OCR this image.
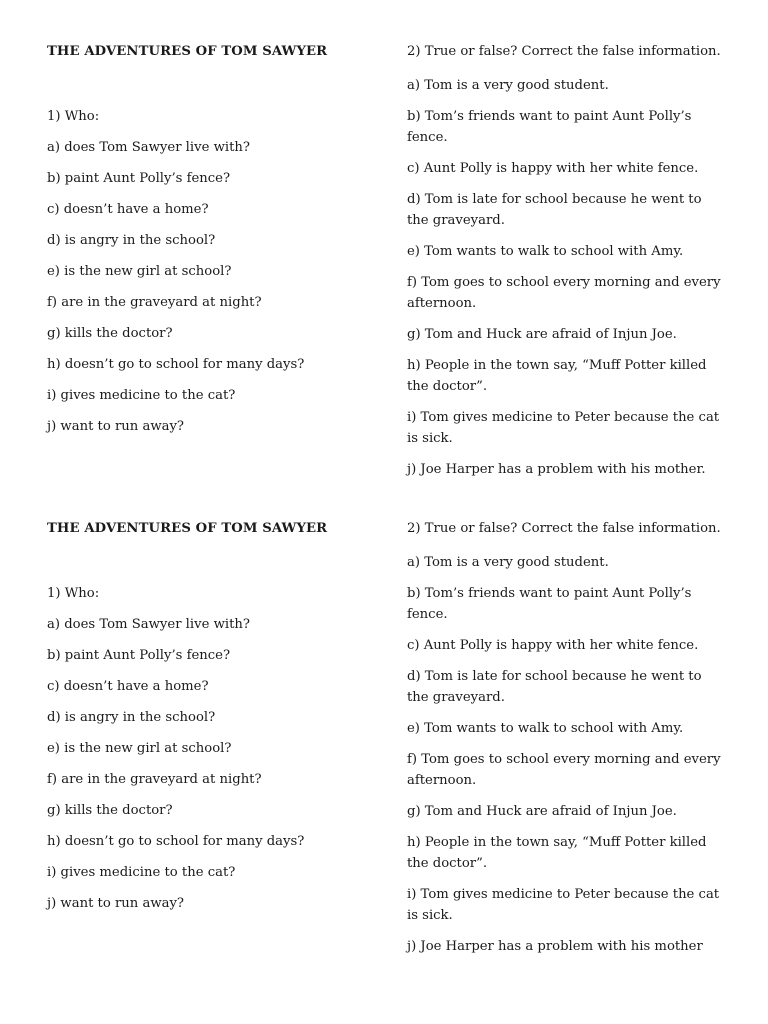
THE ADVENTURES OF TOM SAWYER

1) Who:

a) does Tom Sawyer live with?
b) paint Aunt Polly’s fence?
c) doesn’t have a home?
d) is angry in the school?
e) is the new girl at school?
f) are in the graveyard at night?
g) kills the doctor?
h) doesn’t go to school for many days?
i) gives medicine to the cat?
j) want to run away?

2) True or false? Correct the false information.

a) Tom is a very good student.
b) Tom’s friends want to paint Aunt Polly’s fence.
c) Aunt Polly is happy with her white fence.
d) Tom is late for school because he went to the graveyard.
e) Tom wants to walk to school with Amy.
f) Tom goes to school every morning and every afternoon.
g) Tom and Huck are afraid of Injun Joe.
h) People in the town say, “Muff Potter killed the doctor”.
i) Tom gives medicine to Peter because the cat is sick.
j) Joe Harper has a problem with his mother.
THE ADVENTURES OF TOM SAWYER

1) Who:

a) does Tom Sawyer live with?
b) paint Aunt Polly’s fence?
c) doesn’t have a home?
d) is angry in the school?
e) is the new girl at school?
f) are in the graveyard at night?
g) kills the doctor?
h) doesn’t go to school for many days?
i) gives medicine to the cat?
j) want to run away?

2) True or false? Correct the false information.

a) Tom is a very good student.
b) Tom’s friends want to paint Aunt Polly’s fence.
c) Aunt Polly is happy with her white fence.
d) Tom is late for school because he went to the graveyard.
e) Tom wants to walk to school with Amy.
f) Tom goes to school every morning and every afternoon.
g) Tom and Huck are afraid of Injun Joe.
h) People in the town say, “Muff Potter killed the doctor”.
i) Tom gives medicine to Peter because the cat is sick.
j) Joe Harper has a problem with his mother
